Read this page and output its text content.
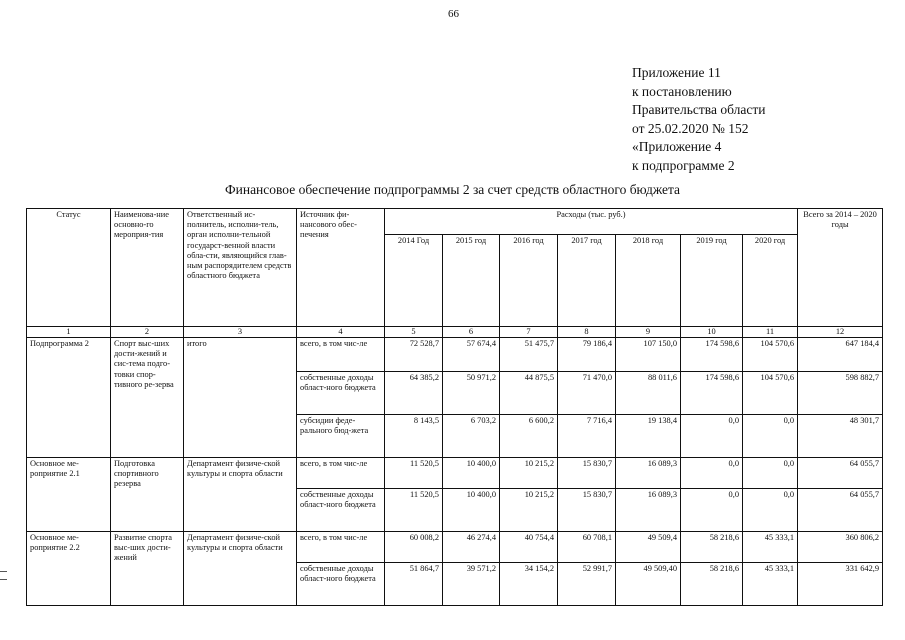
66
Приложение 11
к постановлению
Правительства области
от 25.02.2020 № 152
«Приложение 4
к подпрограмме 2
Финансовое обеспечение подпрограммы 2 за счет средств областного бюджета
Статус	Наименова-ние основно-го мероприя-тия	Ответственный ис-полнитель, исполни-тель, орган исполни-тельной государст-венной власти обла-сти, являющийся глав-ным распорядителем средств областного бюджета	Источник фи-нансового обес-печения	Расходы (тыс. руб.)							Всего за 2014 – 2020 годы
				2014 Год	2015 год	2016 год	2017 год	2018 год	2019 год	2020 год	
1	2	3	4	5	6	7	8	9	10	11	12
Подпрограмма 2	Спорт выс-ших дости-жений и сис-тема подго-товки спор-тивного ре-зерва	итого	всего, в том чис-ле	72 528,7	57 674,4	51 475,7	79 186,4	107 150,0	174 598,6	104 570,6	647 184,4
			собственные доходы област-ного бюджета	64 385,2	50 971,2	44 875,5	71 470,0	88 011,6	174 598,6	104 570,6	598 882,7
			субсидии феде-рального бюд-жета	8 143,5	6 703,2	6 600,2	7 716,4	19 138,4	0,0	0,0	48 301,7
Основное ме-роприятие 2.1	Подготовка спортивного резерва	Департамент физиче-ской культуры и спорта области	всего, в том чис-ле	11 520,5	10 400,0	10 215,2	15 830,7	16 089,3	0,0	0,0	64 055,7
			собственные доходы област-ного бюджета	11 520,5	10 400,0	10 215,2	15 830,7	16 089,3	0,0	0,0	64 055,7
Основное ме-роприятие 2.2	Развитие спорта выс-ших дости-жений	Департамент физиче-ской культуры и спорта области	всего, в том чис-ле	60 008,2	46 274,4	40 754,4	60 708,1	49 509,4	58 218,6	45 333,1	360 806,2
			собственные доходы област-ного бюджета	51 864,7	39 571,2	34 154,2	52 991,7	49 509,40	58 218,6	45 333,1	331 642,9
